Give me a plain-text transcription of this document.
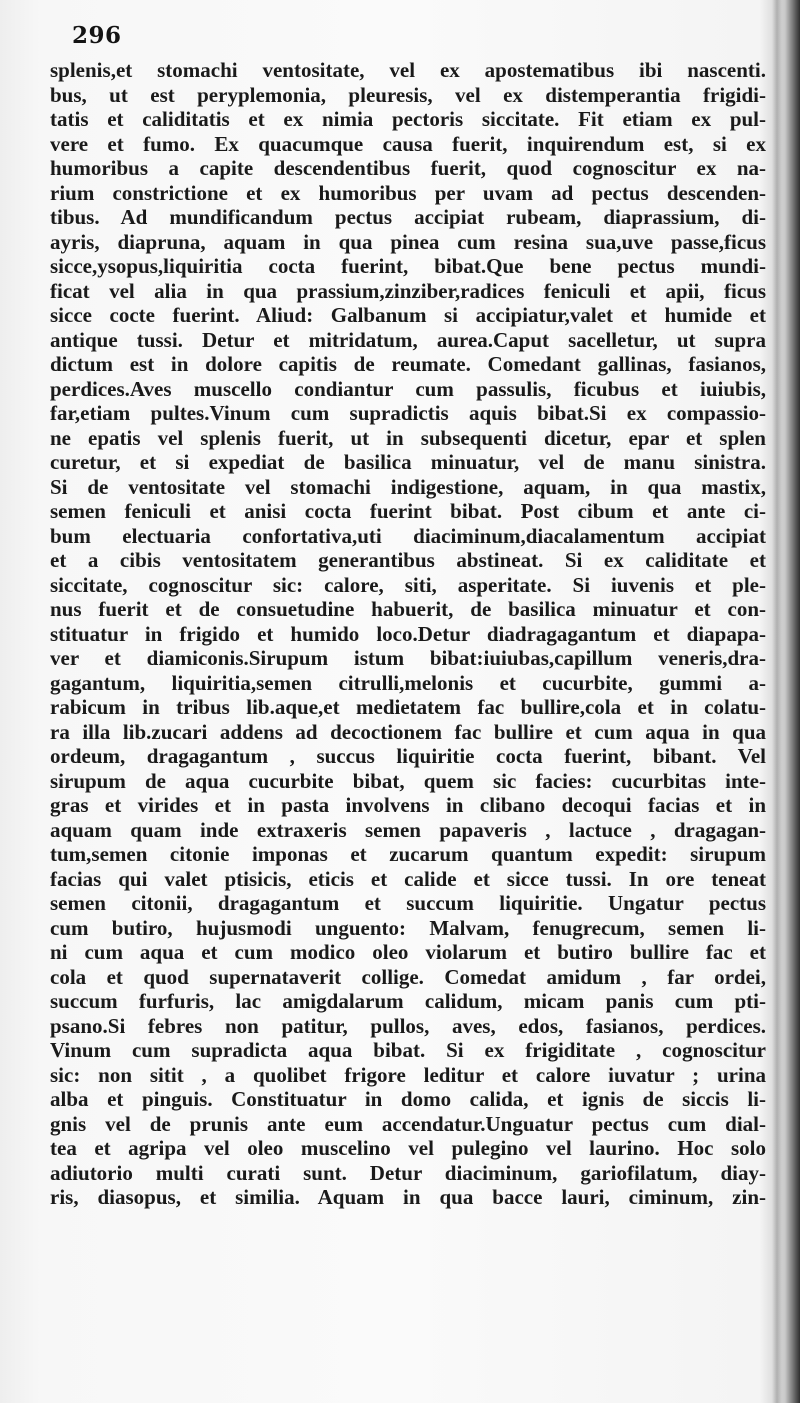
296
splenis,et stomachi ventositate, vel ex apostematibus ibi nascenti.
bus, ut est peryplemonia, pleuresis, vel ex distemperantia frigidi-
tatis et caliditatis et ex nimia pectoris siccitate. Fit etiam ex pul-
vere et fumo. Ex quacumque causa fuerit, inquirendum est, si ex
humoribus a capite descendentibus fuerit, quod cognoscitur ex na-
rium constrictione et ex humoribus per uvam ad pectus descenden-
tibus. Ad mundificandum pectus accipiat rubeam, diaprassium, di-
ayris, diapruna, aquam in qua pinea cum resina sua,uve passe,ficus
sicce,ysopus,liquiritia cocta fuerint, bibat.Que bene pectus mundi-
ficat vel alia in qua prassium,zinziber,radices feniculi et apii, ficus
sicce cocte fuerint. Aliud: Galbanum si accipiatur,valet et humide et
antique tussi. Detur et mitridatum, aurea.Caput sacelletur, ut supra
dictum est in dolore capitis de reumate. Comedant gallinas, fasianos,
perdices.Aves muscello condiantur cum passulis, ficubus et iuiubis,
far,etiam pultes.Vinum cum supradictis aquis bibat.Si ex compassio-
ne epatis vel splenis fuerit, ut in subsequenti dicetur, epar et splen
curetur, et si expediat de basilica minuatur, vel de manu sinistra.
Si de ventositate vel stomachi indigestione, aquam, in qua mastix,
semen feniculi et anisi cocta fuerint bibat. Post cibum et ante ci-
bum electuaria confortativa,uti diaciminum,diacalamentum accipiat
et a cibis ventositatem generantibus abstineat. Si ex caliditate et
siccitate, cognoscitur sic: calore, siti, asperitate. Si iuvenis et ple-
nus fuerit et de consuetudine habuerit, de basilica minuatur et con-
stituatur in frigido et humido loco.Detur diadragagantum et diapapa-
ver et diamiconis.Sirupum istum bibat:iuiubas,capillum veneris,dra-
gagantum, liquiritia,semen citrulli,melonis et cucurbite, gummi a-
rabicum in tribus lib.aque,et medietatem fac bullire,cola et in colatu-
ra illa lib.zucari addens ad decoctionem fac bullire et cum aqua in qua
ordeum, dragagantum , succus liquiritie cocta fuerint, bibant. Vel
sirupum de aqua cucurbite bibat, quem sic facies: cucurbitas inte-
gras et virides et in pasta involvens in clibano decoqui facias et in
aquam quam inde extraxeris semen papaveris , lactuce , dragagan-
tum,semen citonie imponas et zucarum quantum expedit: sirupum
facias qui valet ptisicis, eticis et calide et sicce tussi. In ore teneat
semen citonii, dragagantum et succum liquiritie. Ungatur pectus
cum butiro, hujusmodi unguento: Malvam, fenugrecum, semen li-
ni cum aqua et cum modico oleo violarum et butiro bullire fac et
cola et quod supernataverit collige. Comedat amidum , far ordei,
succum furfuris, lac amigdalarum calidum, micam panis cum pti-
psano.Si febres non patitur, pullos, aves, edos, fasianos, perdices.
Vinum cum supradicta aqua bibat. Si ex frigiditate , cognoscitur
sic: non sitit , a quolibet frigore leditur et calore iuvatur ; urina
alba et pinguis. Constituatur in domo calida, et ignis de siccis li-
gnis vel de prunis ante eum accendatur.Unguatur pectus cum dial-
tea et agripa vel oleo muscelino vel pulegino vel laurino. Hoc solo
adiutorio multi curati sunt. Detur diaciminum, gariofilatum, diay-
ris, diasopus, et similia. Aquam in qua bacce lauri, ciminum, zin-
